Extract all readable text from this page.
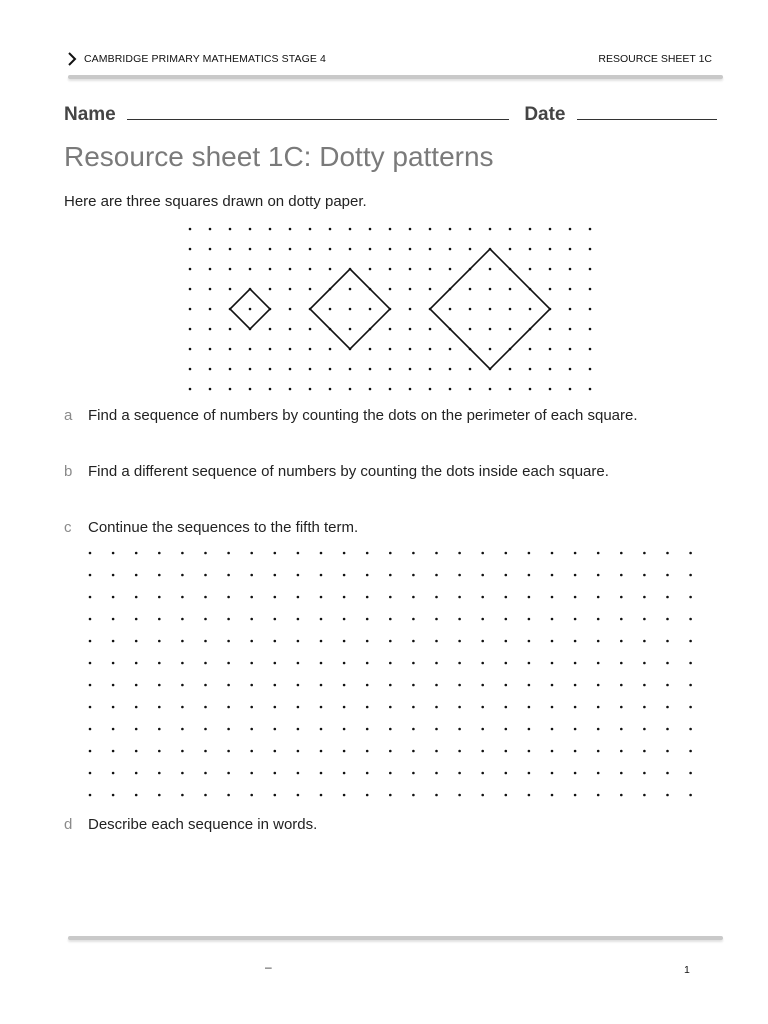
CAMBRIDGE PRIMARY MATHEMATICS STAGE 4	RESOURCE SHEET 1C
Name	Date
Resource sheet 1C: Dotty patterns
Here are three squares drawn on dotty paper.
a Find a sequence of numbers by counting the dots on the perimeter of each square.
b Find a different sequence of numbers by counting the dots inside each square.
c Continue the sequences to the fifth term.
d Describe each sequence in words.
–	1
